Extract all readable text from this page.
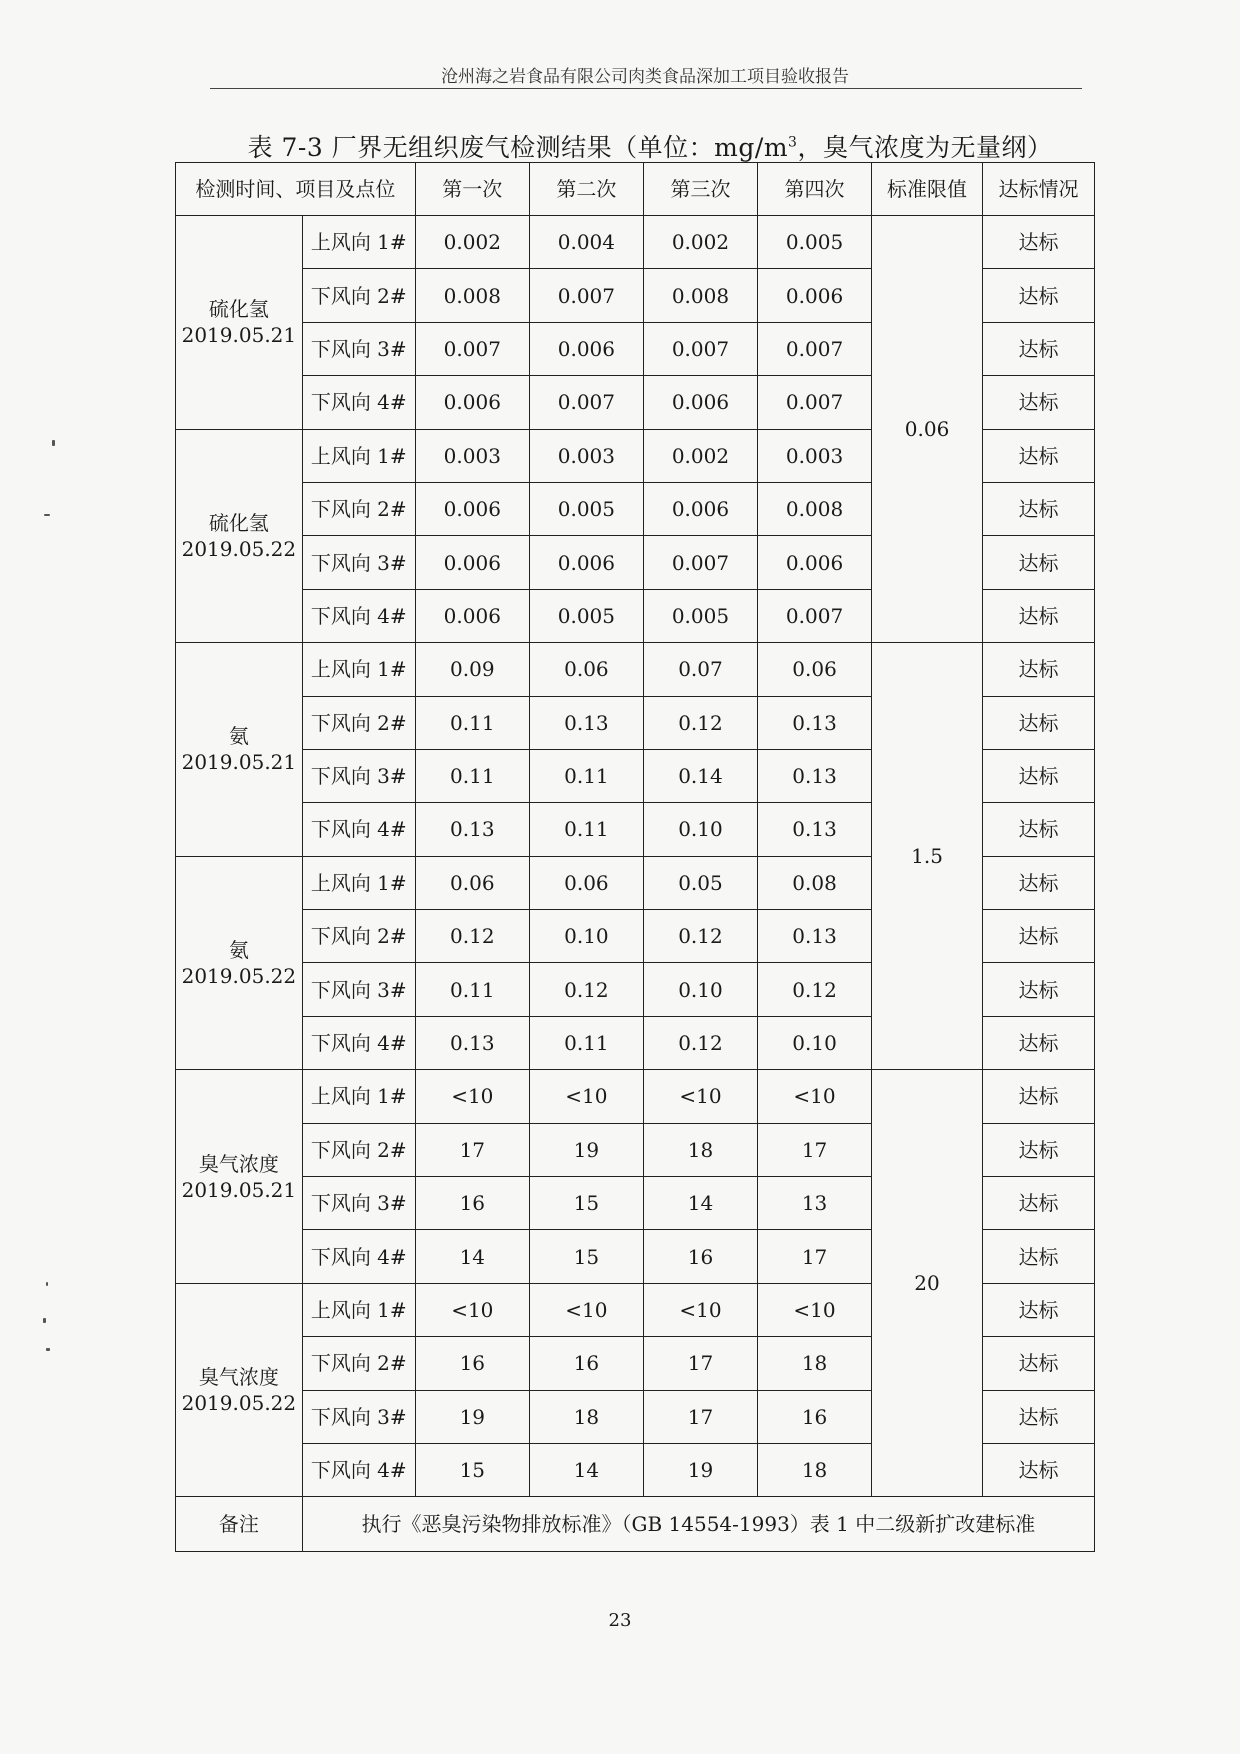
沧州海之岩食品有限公司肉类食品深加工项目验收报告
表 7-3 厂界无组织废气检测结果（单位：$mg/m^3$，臭气浓度为无量纲）
检测时间、项目及点位		第一次	第二次	第三次	第四次	标准限值	达标情况

硫化氢
2019.05.21	上风向 1#	0.002	0.004	0.002	0.005	0.06	达标
	下风向 2#	0.008	0.007	0.008	0.006		达标
	下风向 3#	0.007	0.006	0.007	0.007		达标
	下风向 4#	0.006	0.007	0.006	0.007		达标

硫化氢
2019.05.22	上风向 1#	0.003	0.003	0.002	0.003		达标
	下风向 2#	0.006	0.005	0.006	0.008		达标
	下风向 3#	0.006	0.006	0.007	0.006		达标
	下风向 4#	0.006	0.005	0.005	0.007		达标

氨
2019.05.21	上风向 1#	0.09	0.06	0.07	0.06	1.5	达标
	下风向 2#	0.11	0.13	0.12	0.13		达标
	下风向 3#	0.11	0.11	0.14	0.13		达标
	下风向 4#	0.13	0.11	0.10	0.13		达标

氨
2019.05.22	上风向 1#	0.06	0.06	0.05	0.08		达标
	下风向 2#	0.12	0.10	0.12	0.13		达标
	下风向 3#	0.11	0.12	0.10	0.12		达标
	下风向 4#	0.13	0.11	0.12	0.10		达标

臭气浓度
2019.05.21	上风向 1#	<10	<10	<10	<10	20	达标
	下风向 2#	17	19	18	17		达标
	下风向 3#	16	15	14	13		达标
	下风向 4#	14	15	16	17		达标

臭气浓度
2019.05.22	上风向 1#	<10	<10	<10	<10		达标
	下风向 2#	16	16	17	18		达标
	下风向 3#	19	18	17	16		达标
	下风向 4#	15	14	19	18		达标
备注	执行《恶臭污染物排放标准》（GB 14554-1993）表 1 中二级新扩改建标准						
23
